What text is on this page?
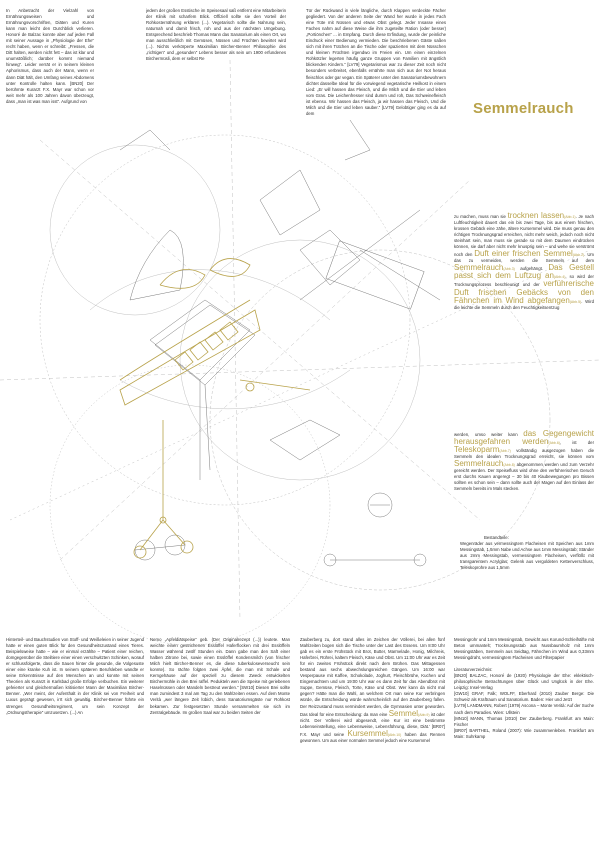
Semmelrauch

In Anbetracht der Vielzahl von Ernährungsweisen und Ernährungsvorschriften, Diäten und Kuren kann man leicht den Durchblick verlieren. Honoré de Balzac konnte aber auf jeden Fall mit seiner Aussage in „Physiologie der Ehe“ recht haben, wenn er schreibt: „Fressen, die Ditt halten, werden nicht fett – das ist klar und unumstößlich; darüber kommt niemand hinweg“. Leider verrät er in seinem kleinen Aphorismus, dass auch der Mann, wenn er dann Diät hält, den Umfang seines Abdomens unter Kontrolle halten kann. [BN20] Der berühmte Kurarzt F.X. Mayr war schon vor weit mehr als 100 Jahren davon überzeugt, dass „man ist was man isst“. Aufgrund von

jedem der großen Esstische im Speisesaal saß entfernt eine Mitarbeiterin der Klinik mit scharfem Blick. Offiziell sollte sie den Vorteil der Rohkosternährung erklären (...). Vegetarisch sollte die Nahrung sein, naturnah und damit frisch, roh und aus der nächsten Umgebung. Entsprechend beschrieb Thomas Mann das Sanatorium als einen Ort, wo man ausschließlich mit Gemüsen, Nüssen und Früchten bewirtet wird (...). Nichts verkörperte Maximilian Bircher-Benner Philosophie des „richtigen“ und „gesunden“ Lebens besser als sein um 1900 erfundenes Birchermüsli, dem er selbst Re

Tür der Rückwand in viele längliche, durch Klappen verdeckte Fächer gegliedert. Von der anderen Seite der Wand her wurde in jedes Fach eine Tüte mit Nüssen und etwas Obst gelegt. Jeder Insasse eines Faches nahm auf diese Weise die ihm zugeteilte Ration (oder besser) „Portiönchen“ ... in Empfang. Durch diese Erfindung, wurde der peinliche Eindruck einer Bedienung vermieden. Die beschriebenen Gäste saßen sich mit ihren Tütchen an die Tische oder spazierten mit dem Nüsschen und kleinen Früchten irgendwo im Freien ein. Um einen einzelnen Rohkötzler legerten häufig ganze Gruppen von Familien mit ängstlich blickenden Kindern.“ [LV79] Vegetarismus war zu dieser Zeit noch nicht besonders verbreitet, ebenfalls ernährte man sich aus der Not heraus fleischlos oder gar vegan. Ein Späterer unter den Sanatoriumsbewohnern dichtet dasselbe Ideal für die vorwiegend vegetarische Heilkost in einem Lied: „Er will hassen das Fleisch, und die Milch und die Eier und leben vom Gras. Die Leichenfresser sind dumm und roh, Das Schweinefleisch ist ebenso. Wir hassen das Fleisch, ja wir hassen das Fleisch, Und die Milch und die Eier und leben sauber.“ [LV79] Gelobtiger ging es da auf dem

zu machen, muss man sie trocknen lassen(Abb.1). Je nach Luftfeuchtigkeit dauert das ein bis zwei Tage, bis aus einem frischen, krossen Gebäck eine zähe, ältere Kursemmel wird. Die muss genau den richtigen Trocknungsgrad erreichen, nicht mehr weich, jedoch noch nicht steinhart sein, man muss sie gerade so mit dem Daumen eindrücken können, sie darf aber nicht mehr knusprig sein – und wehe sie verströmt noch den Duft einer frischen Semmel(Abb.2). Um das zu vermeiden, werden die Semmeln auf dem Semmelrauch(Abb.3) aufgehängt. Das Gestell passt sich dem Luftzug an(Abb.4), so wird der Trocknungsprozess beschleunigt und der verführerische Duft frischen Gebäcks von den Fähnchen im Wind abgefangen(Abb.5). Wird die leichte die Semmeln durch den Feuchtigkeitsentzug

werden, umso weiter kann das Gegengewicht herausgefahren werden(Abb.6), ist der Teleskoparm(Abb.7) vollständig ausgezogen haben die Semmeln den idealen Trocknungsgrad erreicht, sie können vom Semmelrauch(Abb.8) abgenommen werden und zum Verzehr gereicht werden. Der Speisefluss wird ohne den verführerischen Geruch erst durchs Kauen angeregt – 30 bis 40 Kaubewegungen pro Bissen sollten es schon sein – dann sollte auch der Magen auf den Einlass der Semmeln bereits im Mals stecken.

Bestandteile:

Wegenräder aus vermessingtem Flacheisen mit Speichen aus 1mm Messingstab, 1,5mm Nabe und Achse aus 1mm Messingstab; Ständer aus 2mm Messingstab, vermessingtem Flacheisen, verflößt mit transparentem Acrylglas; Gelenk aus vergoldeten Kettenverschluss, Teleskoprohre aus 1,5mm

Hinterteil- und Bauchstudien von Stoff- und Weißeleien in seiner Jugend hatte er einen guten Blick für den Gesundheitszustand eines Tieres. Beispielsweise hatte – wie er einmal erzählte – Patient einer reichen, domgegenüber die Steiltiere einer einen verschwitzten Schinken, worauf er schlussfolgerte, dass die Sauen hinter die gesunde, die Volgesuste einer eine kranke Kuh ist. In seinem späteren Berufsleben wandte er seine Erkenntnisse auf den Menschen an und konnte mit seinen Theorien als Kurarzt in Karlsbad große Erfolge verbuchen. Ein weiterer gefeierter und gleichermaßen kritisierter Mann der Maximilian Bircher-Benner. „Wer meint, der Aufenthalt in der Klinik sei von Freiheit und Luxus geprägt gewesen, irrt sich gewaltig. Bircher-Benner führte ein strenges Gesundheitsregiment, um sein Konzept der „Ordnungstherapie“ umzusetzen. (...) An

Nemo „Apfeldiätspeise“ geb. (Der Originalrezept (...)) leutete. Man weichte einen gestrichenen Esslöffel Haferflocken mit drei Esslöffeln Wasser während zwölf Stunden ein. Dann gabe man den Saft einer halben Zitrone bei, sowie einen Esslöffel Kondensmilch (von frischer Milch hielt Bircher-Benner es, die diese tuberkuloseverseucht sein konnte). So rächte folgten zwei Äpfel, die man mit Schale und Kerngehäuse auf der speziell zu diesem Zweck entwickelten Birchermühle in den Brei raffel. Pedukteln wen die Speise mit geriebenen Haselnüssen oder Mandeln bestreut werden.“ [SW10] Diesen Brei sollte man zumindest 3 mal am Tag zu den Mahlzeiten essen. Auf dem Monte Verità „wer längere Zeit lübich, dess Sanatoriumsgäste nur Rohkost bekamen. Zur festgesetzten Stunde versammelten sie sich im Zentralgebäude. Im großen Saal war zu beiden Seiten der

Zauberberg zu, dort stand alles im Zeichen der Völlerei, bei allen fünf Mahlzeiten bogen sich die Tische unter der Last des Essens. Um 8:00 Uhr gab es ein erste Frühstück mit Brot, Butter, Marmelade, Honig, Milchreis, Haferbrei, Rührei, kaltem Fleisch, Käse und Obst. Um 11:00 Uhr war es Zeit für ein zweites Frühstück direkt nach dem Brühen. Das Mittagessen bestand aus sechs abwechslungsreichen Gängen. Um 16:00 war Vesperpause mit Kaffee, Schokolade, Joghurt, Fleischbrühe, Kuchen und Eingemachtem und um 19:00 Uhr war es dann Zeit für das Abendbrot mit Suppe, Gemüse, Fleisch, Torte, Käse und Obst. Wer kann da nicht mal gegen? Hätte man die Wahl, an welchem Ort man seine Kur verbringen würde, die Entscheidung würde wahrscheinlich auf den Zauberberg fallen. Der Reizzustand muss vermindert werden, die Gymnasien unter geworden. Das Ideal für eine Entscheidung: da man eine Semmel(Abb.9) ist oder nicht. Der Völlerei wird abgesendt, eine Kur ist eine bestimmte Lebenseinstellung, eine Lebensweise, Lebensführung, diese, Diät.‘ [BR07] F.X. Mayr und seine Kursemmel(Abb.10) haben das Rennen gewonnen. Um aus einer normalen Semmel jedoch eine Kursemmel

Messingrohr und 1mm Messingstab, Gewicht aus Korund-Schleifstifte mit Beton ummantelt; Trocknungsstab aus Nussbaumholz mit 1mm Messingstäben, Semmeln aus Seidtag, Fähnchen im Wind aus 0,33mm Messingdraht, vermessingtem Flacheisen und Filterpapier

Literaturverzeichnis:

[BN20] BALZAC, Honoré de (1920) Physiologie der Ehe: eklektisch-philosophische Betrachtungen über Glück und Unglück in der Ehe. Leipzig: Insel-Verlag

[GW10] GRAF, Falk; WOLFF, Eberhard (2010) Zauber Berge: Die Schweiz als Kraftraum und Sanatorium. Baden: Hier und Jetzt

[LV79] LANDMANN, Robert (1979) Ascona – Monte Verità: Auf der Suche nach dem Paradies. Wien: Ullstein

[MN10] MANN, Thomas (2010) Der Zauberberg. Frankfurt am Main: Fischer

[BR07] BARTHEL, Roland (2007): Wie zusammenleben. Frankfurt am Main: Suhrkamp
